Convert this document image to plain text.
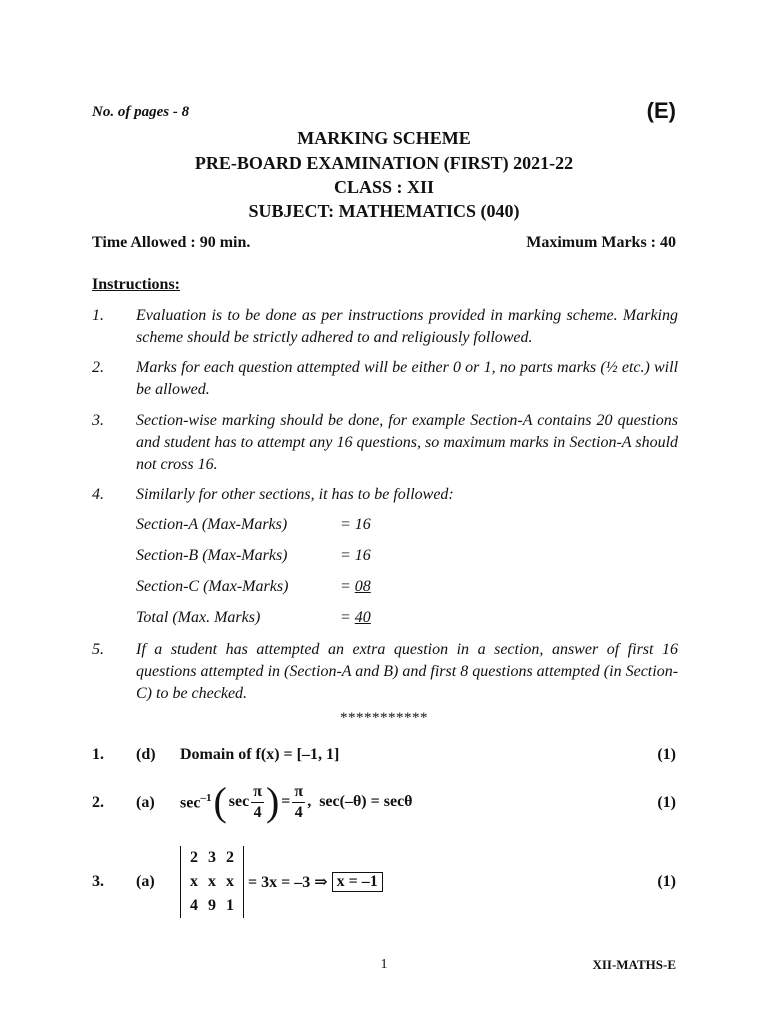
No. of pages - 8	(E)
MARKING SCHEME
PRE-BOARD EXAMINATION (FIRST) 2021-22
CLASS : XII
SUBJECT: MATHEMATICS (040)
Time Allowed : 90 min.	Maximum Marks : 40
Instructions:
1. Evaluation is to be done as per instructions provided in marking scheme. Marking scheme should be strictly adhered to and religiously followed.
2. Marks for each question attempted will be either 0 or 1, no parts marks (½ etc.) will be allowed.
3. Section-wise marking should be done, for example Section-A contains 20 questions and student has to attempt any 16 questions, so maximum marks in Section-A should not cross 16.
4. Similarly for other sections, it has to be followed:
Section-A (Max-Marks)	= 16
Section-B (Max-Marks)	= 16
Section-C (Max-Marks)	= 08
Total (Max. Marks)	= 40
5. If a student has attempted an extra question in a section, answer of first 16 questions attempted in (Section-A and B) and first 8 questions attempted (in Section-C) to be checked.
***********
1. (d) Domain of f(x) = [–1, 1]	(1)
2. (a) $\sec^{-1}$ ( $\sec \frac{\pi}{4}$ ) = $\frac{\pi}{4}$ , sec(–θ) = secθ	(1)
3. (a)
2	3	2
x	x	x
4	9	1
= 3x = –3 ⇒ x = –1	(1)
1	XII-MATHS-E
